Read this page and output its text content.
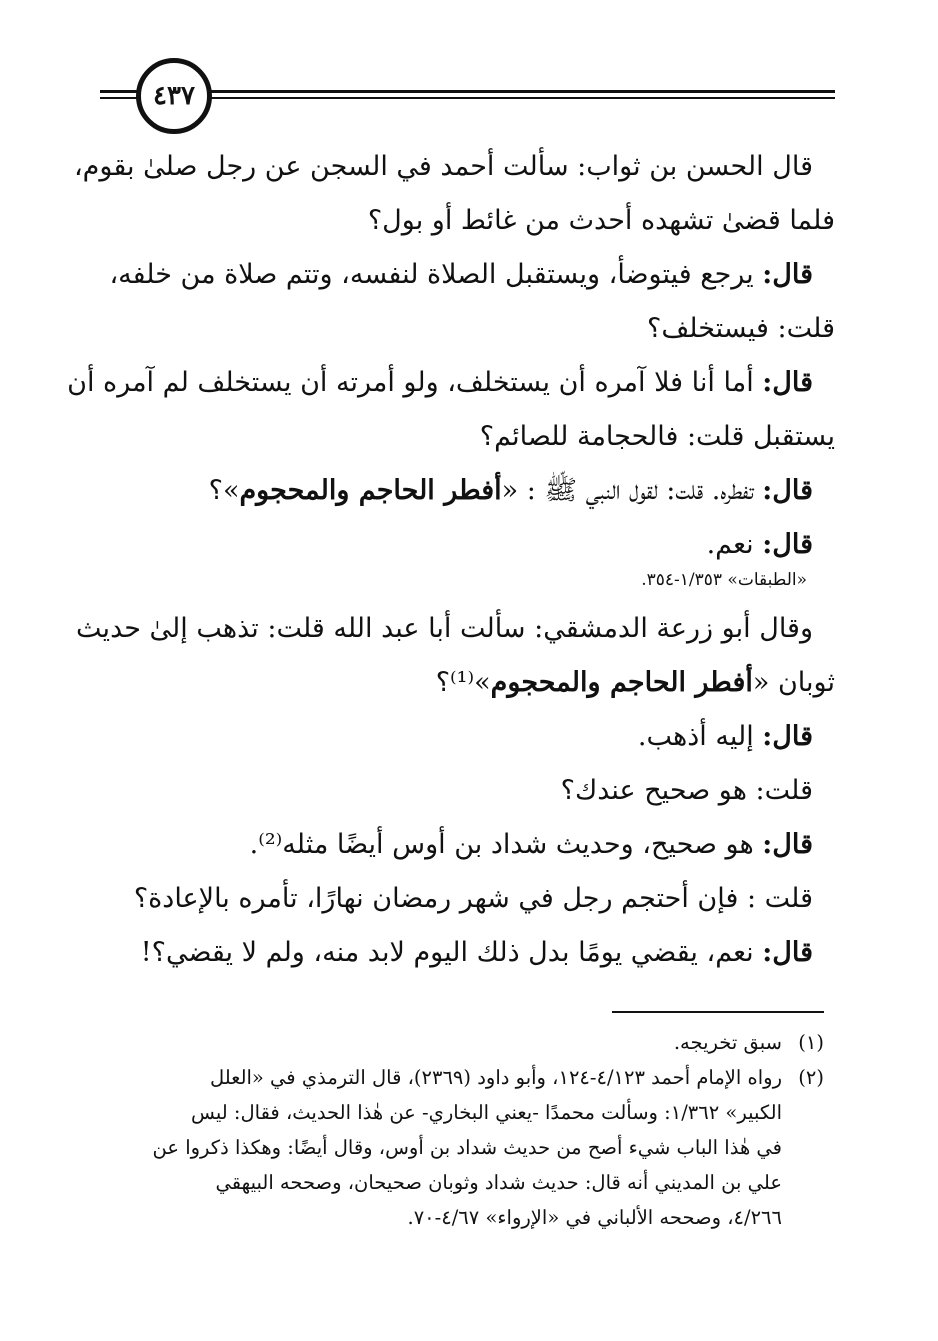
٤٣٧
قال الحسن بن ثواب: سألت أحمد في السجن عن رجل صلىٰ بقوم،
فلما قضىٰ تشهده أحدث من غائط أو بول؟
قال: يرجع فيتوضأ، ويستقبل الصلاة لنفسه، وتتم صلاة من خلفه،
قلت: فيستخلف؟
قال: أما أنا فلا آمره أن يستخلف، ولو أمرته أن يستخلف لم آمره أن
يستقبل قلت: فالحجامة للصائم؟
قال: تفطره. قلت: لقول النبي ﷺ : «أفطر الحاجم والمحجوم»؟
قال: نعم.
«الطبقات» ١/٣٥٣-٣٥٤.
وقال أبو زرعة الدمشقي: سألت أبا عبد الله قلت: تذهب إلىٰ حديث
ثوبان «أفطر الحاجم والمحجوم»⁽¹⁾؟
قال: إليه أذهب.
قلت: هو صحيح عندك؟
قال: هو صحيح، وحديث شداد بن أوس أيضًا مثله⁽²⁾.
قلت : فإن أحتجم رجل في شهر رمضان نهارًا، تأمره بالإعادة؟
قال: نعم، يقضي يومًا بدل ذلك اليوم لابد منه، ولم لا يقضي؟!
(١)سبق تخريجه.
(٢)رواه الإمام أحمد ٤/١٢٣-١٢٤، وأبو داود (٢٣٦٩)، قال الترمذي في «العلل
الكبير» ١/٣٦٢: وسألت محمدًا -يعني البخاري- عن هٰذا الحديث، فقال: ليس
في هٰذا الباب شيء أصح من حديث شداد بن أوس، وقال أيضًا: وهكذا ذكروا عن
علي بن المديني أنه قال: حديث شداد وثوبان صحيحان، وصححه البيهقي
٤/٢٦٦، وصححه الألباني في «الإرواء» ٤/٦٧-٧٠.
